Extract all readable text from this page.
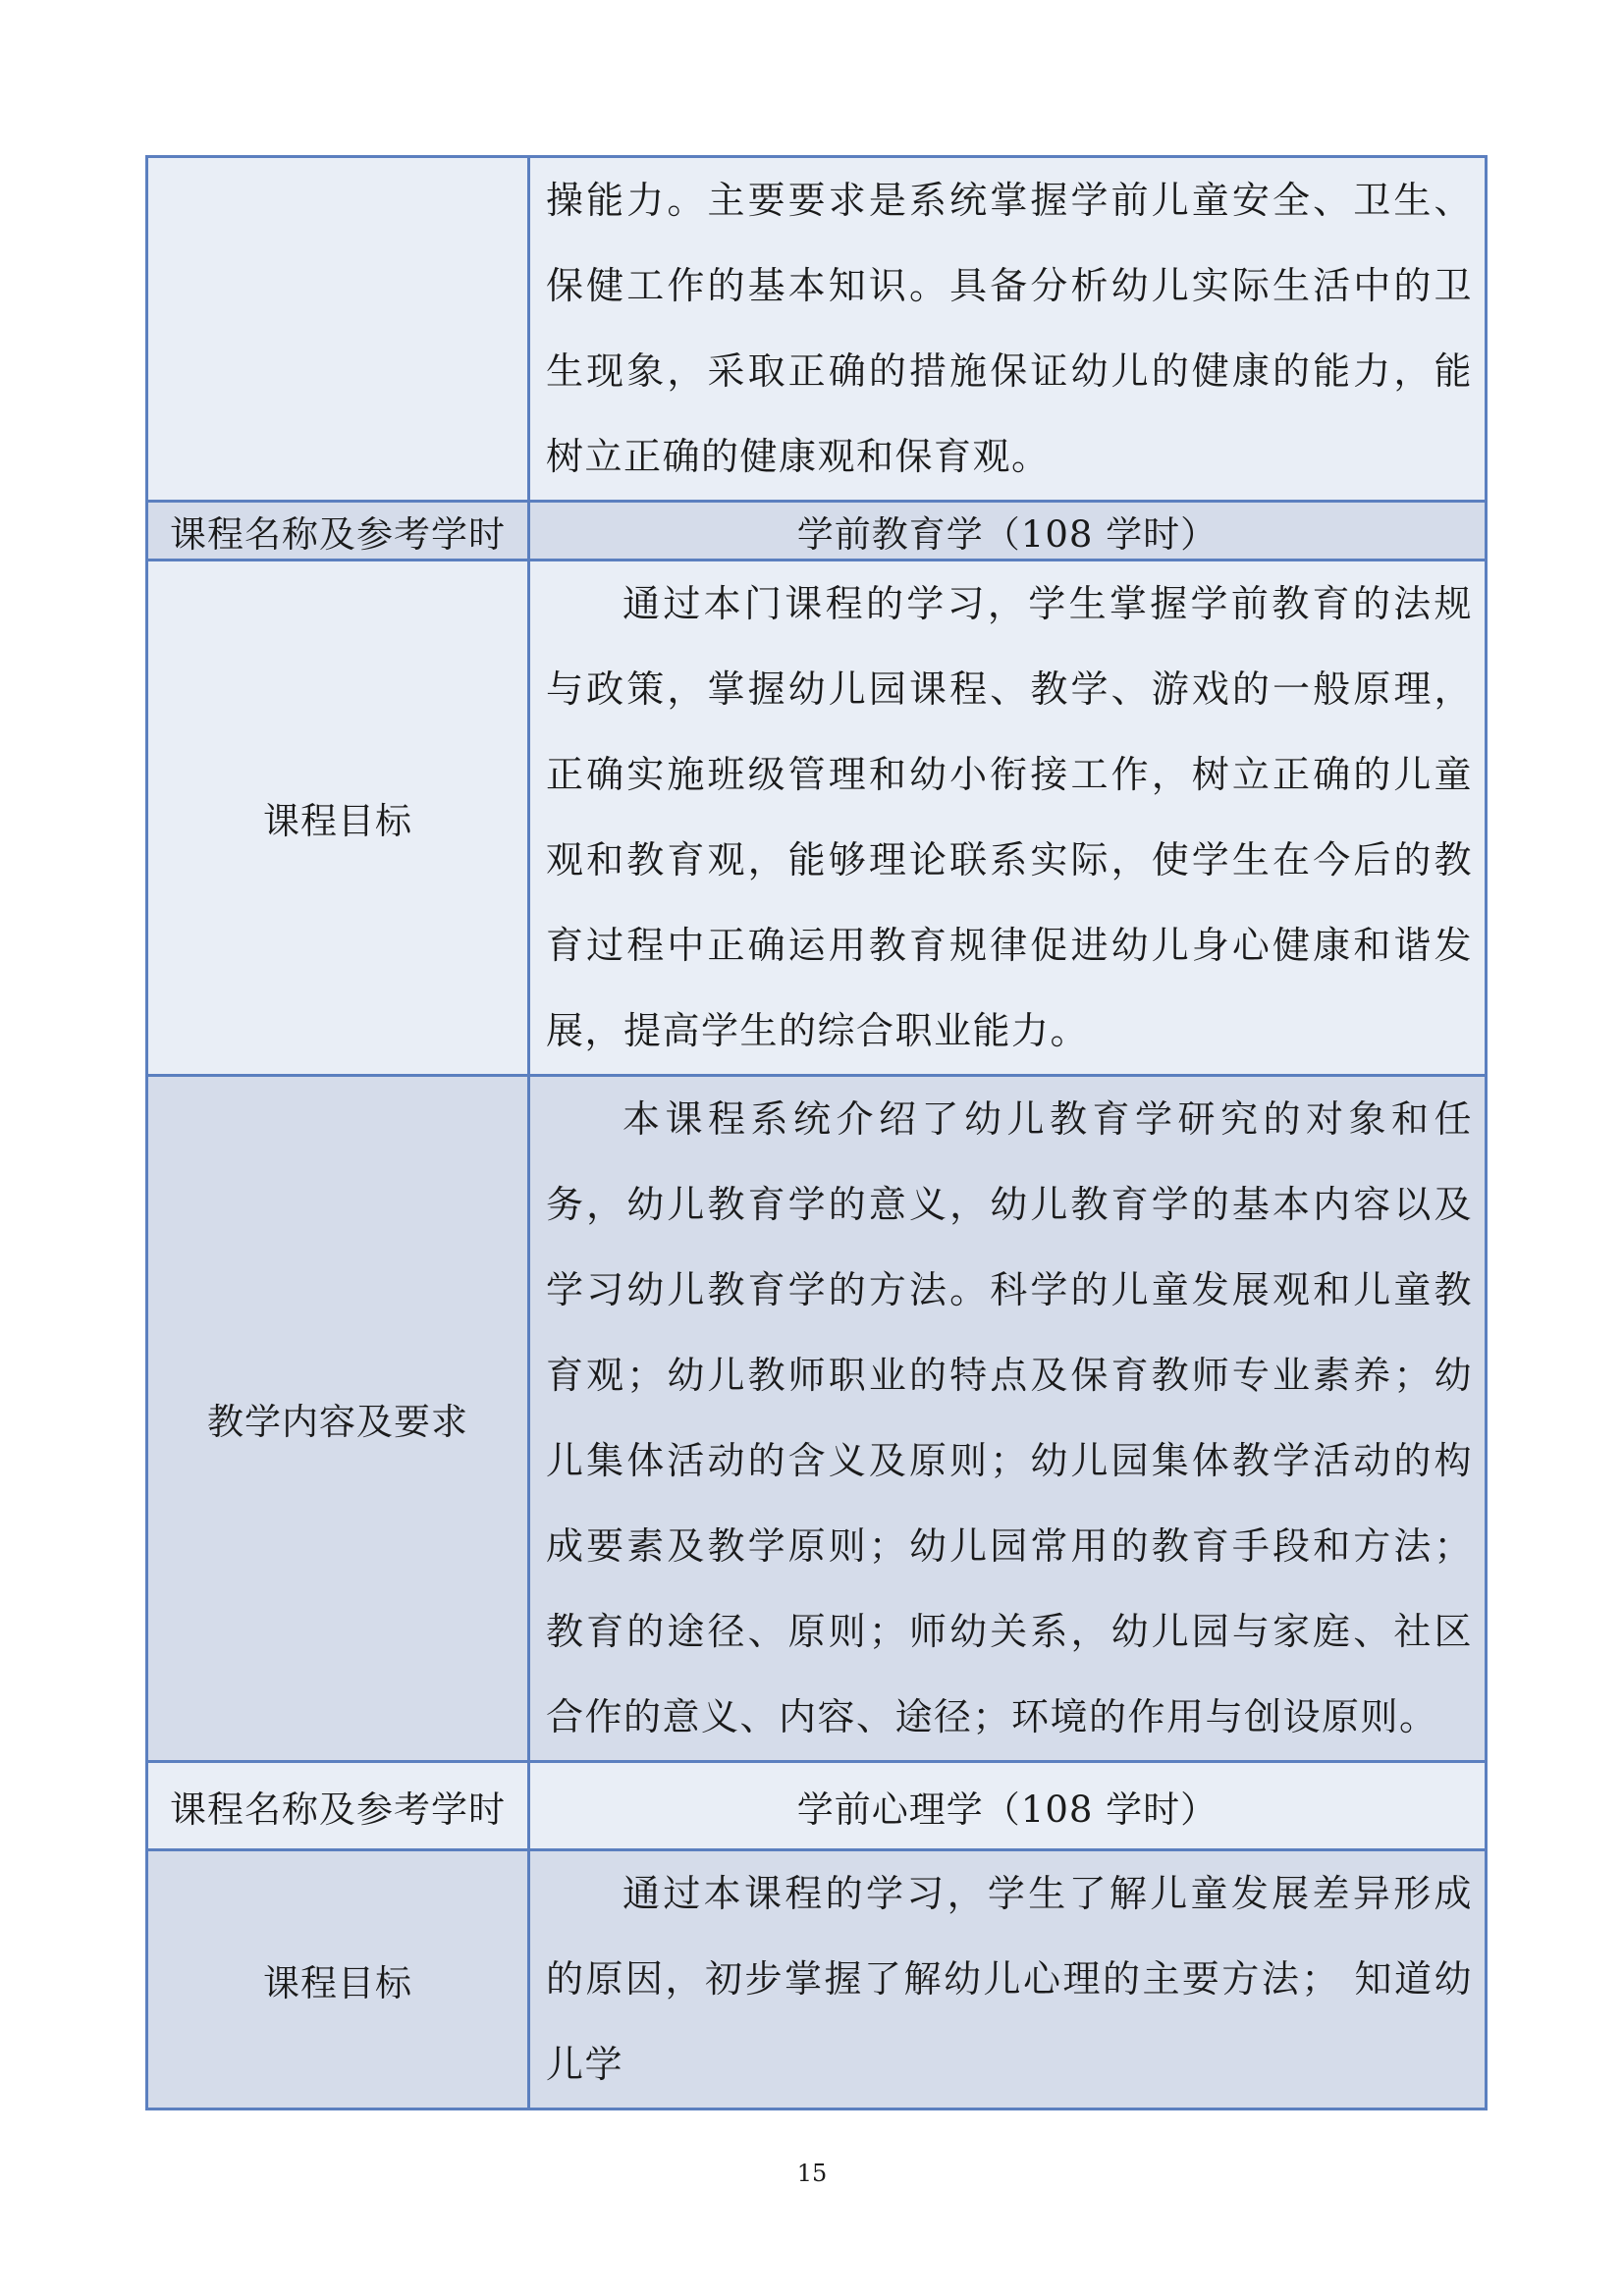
	操能力。主要要求是系统掌握学前儿童安全、卫生、保健工作的基本知识。具备分析幼儿实际生活中的卫生现象，采取正确的措施保证幼儿的健康的能力，能树立正确的健康观和保育观。

课程名称及参考学时	学前教育学（108 学时）

课程目标	通过本门课程的学习，学生掌握学前教育的法规与政策，掌握幼儿园课程、教学、游戏的一般原理，正确实施班级管理和幼小衔接工作，树立正确的儿童观和教育观，能够理论联系实际，使学生在今后的教育过程中正确运用教育规律促进幼儿身心健康和谐发展，提高学生的综合职业能力。

教学内容及要求	本课程系统介绍了幼儿教育学研究的对象和任务，幼儿教育学的意义，幼儿教育学的基本内容以及学习幼儿教育学的方法。科学的儿童发展观和儿童教育观；幼儿教师职业的特点及保育教师专业素养；幼儿集体活动的含义及原则；幼儿园集体教学活动的构成要素及教学原则；幼儿园常用的教育手段和方法；教育的途径、原则；师幼关系，幼儿园与家庭、社区合作的意义、内容、途径；环境的作用与创设原则。

课程名称及参考学时	学前心理学（108 学时）

课程目标	通过本课程的学习，学生了解儿童发展差异形成的原因，初步掌握了解幼儿心理的主要方法； 知道幼儿学

15
